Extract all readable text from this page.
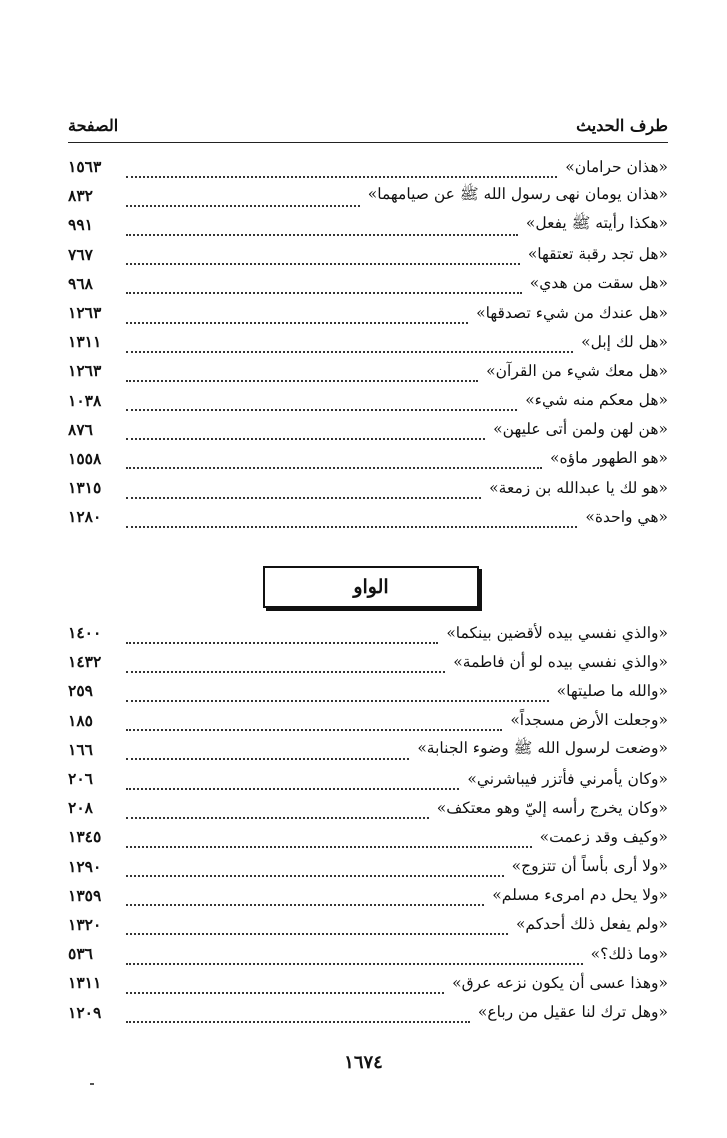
طرف الحديث
الصفحة
«هذان حرامان»
١٥٦٣
«هذان يومان نهى رسول الله ﷺ عن صيامهما»
٨٣٢
«هكذا رأيته ﷺ يفعل»
٩٩١
«هل تجد رقبة تعتقها»
٧٦٧
«هل سقت من هدي»
٩٦٨
«هل عندك من شيء تصدقها»
١٢٦٣
«هل لك إبل»
١٣١١
«هل معك شيء من القرآن»
١٢٦٣
«هل معكم منه شيء»
١٠٣٨
«هن لهن ولمن أتى عليهن»
٨٧٦
«هو الطهور ماؤه»
١٥٥٨
«هو لك يا عبدالله بن زمعة»
١٣١٥
«هي واحدة»
١٢٨٠
الواو
«والذي نفسي بيده لأقضين بينكما»
١٤٠٠
«والذي نفسي بيده لو أن فاطمة»
١٤٣٢
«والله ما صليتها»
٢٥٩
«وجعلت الأرض مسجداً»
١٨٥
«وضعت لرسول الله ﷺ وضوء الجنابة»
١٦٦
«وكان يأمرني فأتزر فيباشرني»
٢٠٦
«وكان يخرج رأسه إليّ وهو معتكف»
٢٠٨
«وكيف وقد زعمت»
١٣٤٥
«ولا أرى بأساً أن تتزوج»
١٢٩٠
«ولا يحل دم امرىء مسلم»
١٣٥٩
«ولم يفعل ذلك أحدكم»
١٣٢٠
«وما ذلك؟»
٥٣٦
«وهذا عسى أن يكون نزعه عرق»
١٣١١
«وهل ترك لنا عقيل من رباع»
١٢٠٩
١٦٧٤
